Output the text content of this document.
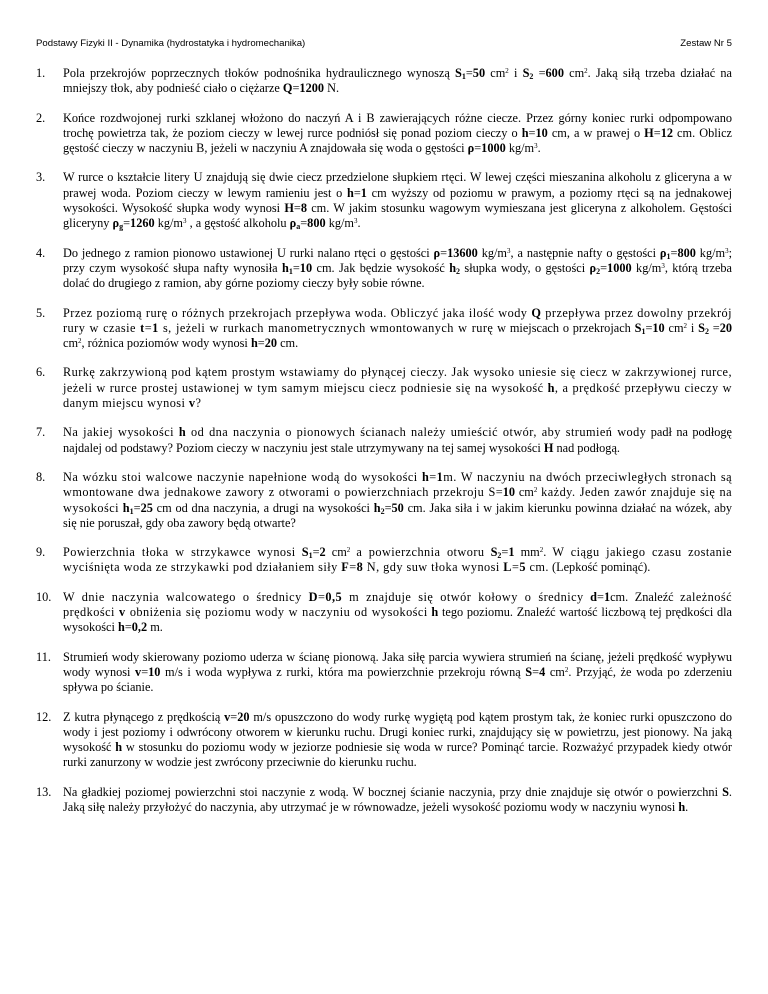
Podstawy Fizyki II - Dynamika (hydrostatyka i hydromechanika)	Zestaw Nr 5
1. Pola przekrojów poprzecznych tłoków podnośnika hydraulicznego wynoszą $S_1=50$ $cm^2$ i $S_2 =600$ $cm^2$. Jaką siłą trzeba działać na mniejszy tłok, aby podnieść ciało o ciężarze Q=1200 N.
2. Końce rozdwojonej rurki szklanej włożono do naczyń A i B zawierających różne ciecze. Przez górny koniec rurki odpompowano trochę powietrza tak, że poziom cieczy w lewej rurce podniósł się ponad poziom cieczy o h=10 cm, a w prawej o H=12 cm. Oblicz gęstość cieczy w naczyniu B, jeżeli w naczyniu A znajdowała się woda o gęstości ρ=1000 $kg/m^3$.
3. W rurce o kształcie litery U znajdują się dwie ciecz przedzielone słupkiem rtęci. W lewej części mieszanina alkoholu z gliceryna a w prawej woda. Poziom cieczy w lewym ramieniu jest o h=1 cm wyższy od poziomu w prawym, a poziomy rtęci są na jednakowej wysokości. Wysokość słupka wody wynosi H=8 cm. W jakim stosunku wagowym wymieszana jest gliceryna z alkoholem. Gęstości gliceryny $\rho_g=1260$ $kg/m^3$ , a gęstość alkoholu $\rho_a=800$ $kg/m^3$.
4. Do jednego z ramion pionowo ustawionej U rurki nalano rtęci o gęstości ρ=13600 $kg/m^3$, a następnie nafty o gęstości $\rho_1=800$ $kg/m^3$; przy czym wysokość słupa nafty wynosiła $h_1=10$ cm. Jak będzie wysokość $h_2$ słupka wody, o gęstości $\rho_2=1000$ $kg/m^3$, którą trzeba dolać do drugiego z ramion, aby górne poziomy cieczy były sobie równe.
5. Przez poziomą rurę o różnych przekrojach przepływa woda. Obliczyć jaka ilość wody Q przepływa przez dowolny przekrój rury w czasie t=1 s, jeżeli w rurkach manometrycznych wmontowanych w rurę w miejscach o przekrojach $S_1=10$ $cm^2$ i $S_2 =20$ $cm^2$, różnica poziomów wody wynosi h=20 cm.
6. Rurkę zakrzywioną pod kątem prostym wstawiamy do płynącej cieczy. Jak wysoko uniesie się ciecz w zakrzywionej rurce, jeżeli w rurce prostej ustawionej w tym samym miejscu ciecz podniesie się na wysokość h, a prędkość przepływu cieczy w danym miejscu wynosi v?
7. Na jakiej wysokości h od dna naczynia o pionowych ścianach należy umieścić otwór, aby strumień wody padł na podłogę najdalej od podstawy? Poziom cieczy w naczyniu jest stale utrzymywany na tej samej wysokości H nad podłogą.
8. Na wózku stoi walcowe naczynie napełnione wodą do wysokości h=1m. W naczyniu na dwóch przeciwległych stronach są wmontowane dwa jednakowe zawory z otworami o powierzchniach przekroju S=10 $cm^2$ każdy. Jeden zawór znajduje się na wysokości $h_1=25$ cm od dna naczynia, a drugi na wysokości $h_2=50$ cm. Jaka siła i w jakim kierunku powinna działać na wózek, aby się nie poruszał, gdy oba zawory będą otwarte?
9. Powierzchnia tłoka w strzykawce wynosi $S_1=2$ $cm^2$ a powierzchnia otworu $S_2=1$ $mm^2$. W ciągu jakiego czasu zostanie wyciśnięta woda ze strzykawki pod działaniem siły F=8 N, gdy suw tłoka wynosi L=5 cm. (Lepkość pominąć).
10. W dnie naczynia walcowatego o średnicy D=0,5 m znajduje się otwór kołowy o średnicy d=1cm. Znaleźć zależność prędkości v obniżenia się poziomu wody w naczyniu od wysokości h tego poziomu. Znaleźć wartość liczbową tej prędkości dla wysokości h=0,2 m.
11. Strumień wody skierowany poziomo uderza w ścianę pionową. Jaka siłę parcia wywiera strumień na ścianę, jeżeli prędkość wypływu wody wynosi v=10 m/s i woda wypływa z rurki, która ma powierzchnie przekroju równą S=4 $cm^2$. Przyjąć, że woda po zderzeniu spływa po ścianie.
12. Z kutra płynącego z prędkością v=20 m/s opuszczono do wody rurkę wygiętą pod kątem prostym tak, że koniec rurki opuszczono do wody i jest poziomy i odwrócony otworem w kierunku ruchu. Drugi koniec rurki, znajdujący się w powietrzu, jest pionowy. Na jaką wysokość h w stosunku do poziomu wody w jeziorze podniesie się woda w rurce? Pominąć tarcie. Rozważyć przypadek kiedy otwór rurki zanurzony w wodzie jest zwrócony przeciwnie do kierunku ruchu.
13. Na gładkiej poziomej powierzchni stoi naczynie z wodą. W bocznej ścianie naczynia, przy dnie znajduje się otwór o powierzchni S. Jaką siłę należy przyłożyć do naczynia, aby utrzymać je w równowadze, jeżeli wysokość poziomu wody w naczyniu wynosi h.
